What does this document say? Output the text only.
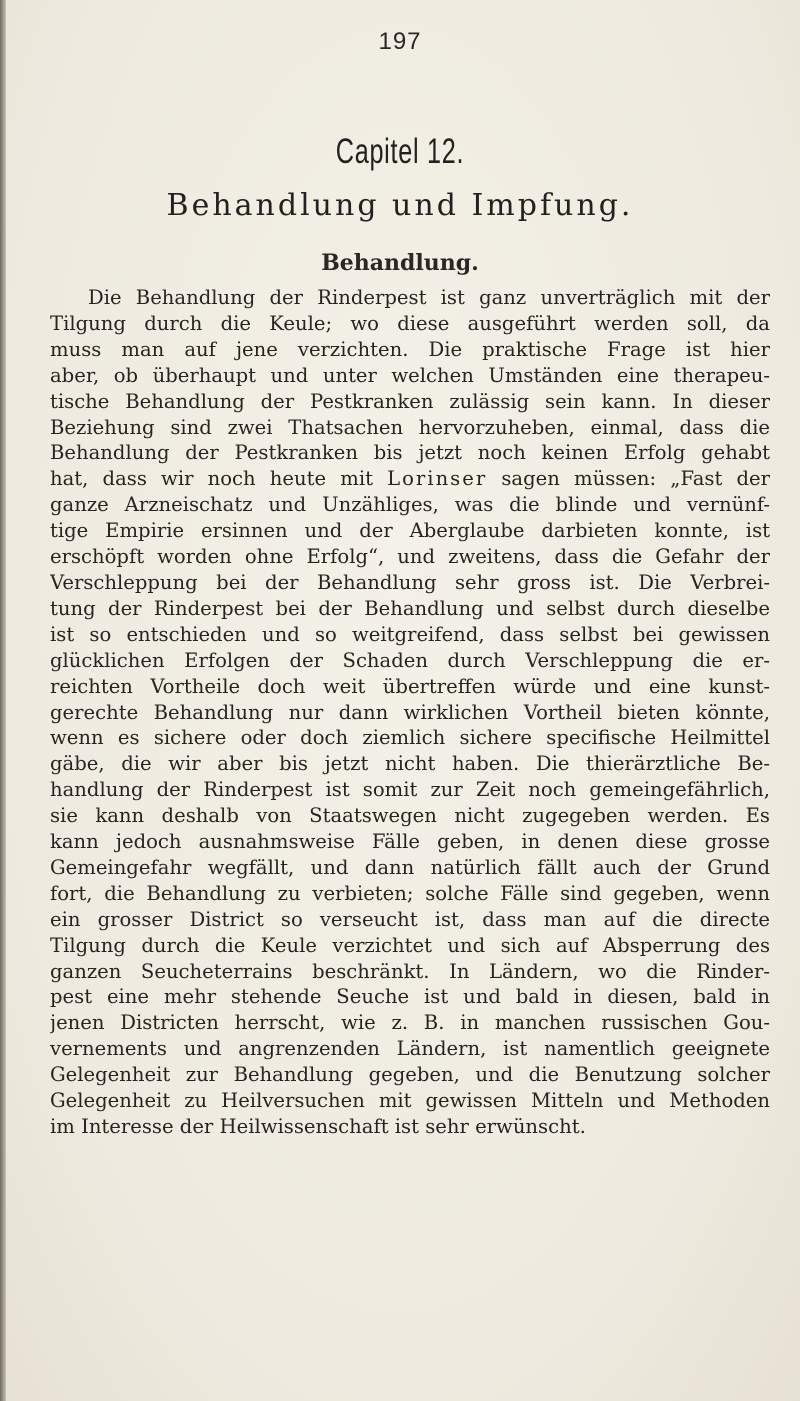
197
Capitel 12.
Behandlung und Impfung.
Behandlung.
Die Behandlung der Rinderpest ist ganz unverträglich mit der
Tilgung durch die Keule; wo diese ausgeführt werden soll, da
muss man auf jene verzichten. Die praktische Frage ist hier
aber, ob überhaupt und unter welchen Umständen eine therapeu-
tische Behandlung der Pestkranken zulässig sein kann. In dieser
Beziehung sind zwei Thatsachen hervorzuheben, einmal, dass die
Behandlung der Pestkranken bis jetzt noch keinen Erfolg gehabt
hat, dass wir noch heute mit Lorinser sagen müssen: „Fast der
ganze Arzneischatz und Unzähliges, was die blinde und vernünf-
tige Empirie ersinnen und der Aberglaube darbieten konnte, ist
erschöpft worden ohne Erfolg“, und zweitens, dass die Gefahr der
Verschleppung bei der Behandlung sehr gross ist. Die Verbrei-
tung der Rinderpest bei der Behandlung und selbst durch dieselbe
ist so entschieden und so weitgreifend, dass selbst bei gewissen
glücklichen Erfolgen der Schaden durch Verschleppung die er-
reichten Vortheile doch weit übertreffen würde und eine kunst-
gerechte Behandlung nur dann wirklichen Vortheil bieten könnte,
wenn es sichere oder doch ziemlich sichere specifische Heilmittel
gäbe, die wir aber bis jetzt nicht haben. Die thierärztliche Be-
handlung der Rinderpest ist somit zur Zeit noch gemeingefährlich,
sie kann deshalb von Staatswegen nicht zugegeben werden. Es
kann jedoch ausnahmsweise Fälle geben, in denen diese grosse
Gemeingefahr wegfällt, und dann natürlich fällt auch der Grund
fort, die Behandlung zu verbieten; solche Fälle sind gegeben, wenn
ein grosser District so verseucht ist, dass man auf die directe
Tilgung durch die Keule verzichtet und sich auf Absperrung des
ganzen Seucheterrains beschränkt. In Ländern, wo die Rinder-
pest eine mehr stehende Seuche ist und bald in diesen, bald in
jenen Districten herrscht, wie z. B. in manchen russischen Gou-
vernements und angrenzenden Ländern, ist namentlich geeignete
Gelegenheit zur Behandlung gegeben, und die Benutzung solcher
Gelegenheit zu Heilversuchen mit gewissen Mitteln und Methoden
im Interesse der Heilwissenschaft ist sehr erwünscht.
